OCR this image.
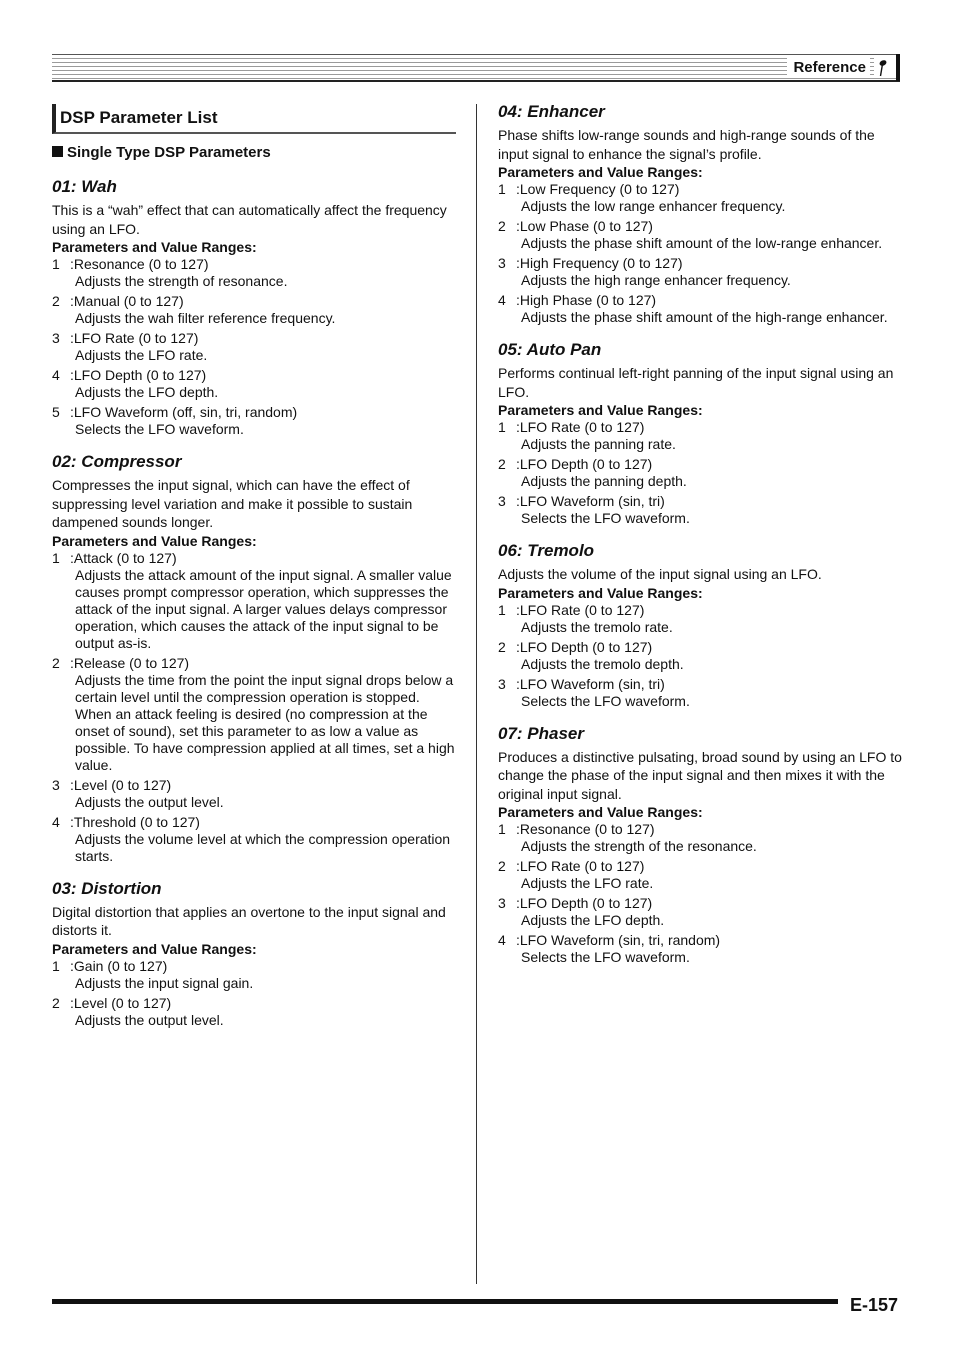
Reference
DSP Parameter List
Single Type DSP Parameters
01: Wah
This is a “wah” effect that can automatically affect the frequency using an LFO.
Parameters and Value Ranges:
1 :Resonance (0 to 127)
Adjusts the strength of resonance.
2 :Manual (0 to 127)
Adjusts the wah filter reference frequency.
3 :LFO Rate (0 to 127)
Adjusts the LFO rate.
4 :LFO Depth (0 to 127)
Adjusts the LFO depth.
5 :LFO Waveform (off, sin, tri, random)
Selects the LFO waveform.
02: Compressor
Compresses the input signal, which can have the effect of suppressing level variation and make it possible to sustain dampened sounds longer.
Parameters and Value Ranges:
1 :Attack (0 to 127)
Adjusts the attack amount of the input signal. A smaller value causes prompt compressor operation, which suppresses the attack of the input signal. A larger values delays compressor operation, which causes the attack of the input signal to be output as-is.
2 :Release (0 to 127)
Adjusts the time from the point the input signal drops below a certain level until the compression operation is stopped. When an attack feeling is desired (no compression at the onset of sound), set this parameter to as low a value as possible. To have compression applied at all times, set a high value.
3 :Level (0 to 127)
Adjusts the output level.
4 :Threshold (0 to 127)
Adjusts the volume level at which the compression operation starts.
03: Distortion
Digital distortion that applies an overtone to the input signal and distorts it.
Parameters and Value Ranges:
1 :Gain (0 to 127)
Adjusts the input signal gain.
2 :Level (0 to 127)
Adjusts the output level.
04: Enhancer
Phase shifts low-range sounds and high-range sounds of the input signal to enhance the signal’s profile.
Parameters and Value Ranges:
1 :Low Frequency (0 to 127)
Adjusts the low range enhancer frequency.
2 :Low Phase (0 to 127)
Adjusts the phase shift amount of the low-range enhancer.
3 :High Frequency (0 to 127)
Adjusts the high range enhancer frequency.
4 :High Phase (0 to 127)
Adjusts the phase shift amount of the high-range enhancer.
05: Auto Pan
Performs continual left-right panning of the input signal using an LFO.
Parameters and Value Ranges:
1 :LFO Rate (0 to 127)
Adjusts the panning rate.
2 :LFO Depth (0 to 127)
Adjusts the panning depth.
3 :LFO Waveform (sin, tri)
Selects the LFO waveform.
06: Tremolo
Adjusts the volume of the input signal using an LFO.
Parameters and Value Ranges:
1 :LFO Rate (0 to 127)
Adjusts the tremolo rate.
2 :LFO Depth (0 to 127)
Adjusts the tremolo depth.
3 :LFO Waveform (sin, tri)
Selects the LFO waveform.
07: Phaser
Produces a distinctive pulsating, broad sound by using an LFO to change the phase of the input signal and then mixes it with the original input signal.
Parameters and Value Ranges:
1 :Resonance (0 to 127)
Adjusts the strength of the resonance.
2 :LFO Rate (0 to 127)
Adjusts the LFO rate.
3 :LFO Depth (0 to 127)
Adjusts the LFO depth.
4 :LFO Waveform (sin, tri, random)
Selects the LFO waveform.
E-157
